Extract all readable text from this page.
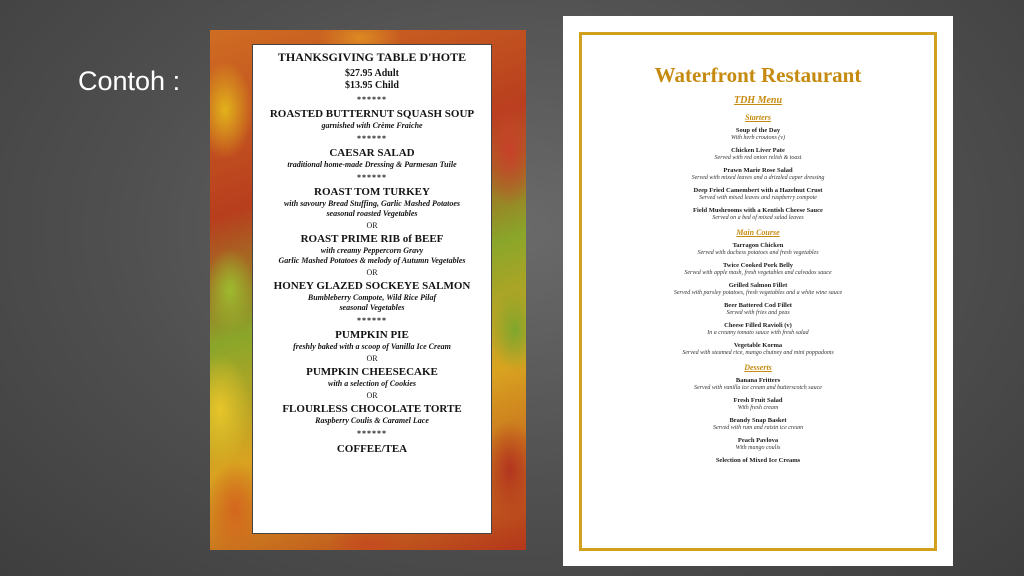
Contoh :
THANKSGIVING TABLE D'HOTE
$27.95 Adult
$13.95 Child
******
ROASTED BUTTERNUT SQUASH SOUP
garnished with Crème Fraiche
******
CAESAR SALAD
traditional home-made Dressing & Parmesan Tuile
******
ROAST TOM TURKEY
with savoury Bread Stuffing, Garlic Mashed Potatoes
seasonal roasted Vegetables
OR
ROAST PRIME RIB of BEEF
with creamy Peppercorn Gravy
Garlic Mashed Potatoes & melody of Autumn Vegetables
OR
HONEY GLAZED SOCKEYE SALMON
Bumbleberry Compote, Wild Rice Pilaf
seasonal Vegetables
******
PUMPKIN PIE
freshly baked with a scoop of Vanilla Ice Cream
OR
PUMPKIN CHEESECAKE
with a selection of Cookies
OR
FLOURLESS CHOCOLATE TORTE
Raspberry Coulis & Caramel Lace
******
COFFEE/TEA
Waterfront Restaurant
TDH Menu
Starters
Soup of the Day
With herb croutons (v)
Chicken Liver Pate
Served with red onion relish & toast
Prawn Marie Rose Salad
Served with mixed leaves and a drizzled caper dressing
Deep Fried Camembert with a Hazelnut Crust
Served with mixed leaves and raspberry compote
Field Mushrooms with a Kentish Cheese Sauce
Served on a bed of mixed salad leaves
Main Course
Tarragon Chicken
Served with duchess potatoes and fresh vegetables
Twice Cooked Pork Belly
Served with apple mash, fresh vegetables and calvados sauce
Grilled Salmon Fillet
Served with parsley potatoes, fresh vegetables and a white wine sauce
Beer Battered Cod Fillet
Served with fries and peas
Cheese Filled Ravioli (v)
In a creamy tomato sauce with fresh salad
Vegetable Korma
Served with steamed rice, mango chutney and mini poppadoms
Desserts
Banana Fritters
Served with vanilla ice cream and butterscotch sauce
Fresh Fruit Salad
With fresh cream
Brandy Snap Basket
Served with rum and raisin ice cream
Peach Pavlova
With mango coulis
Selection of Mixed Ice Creams
